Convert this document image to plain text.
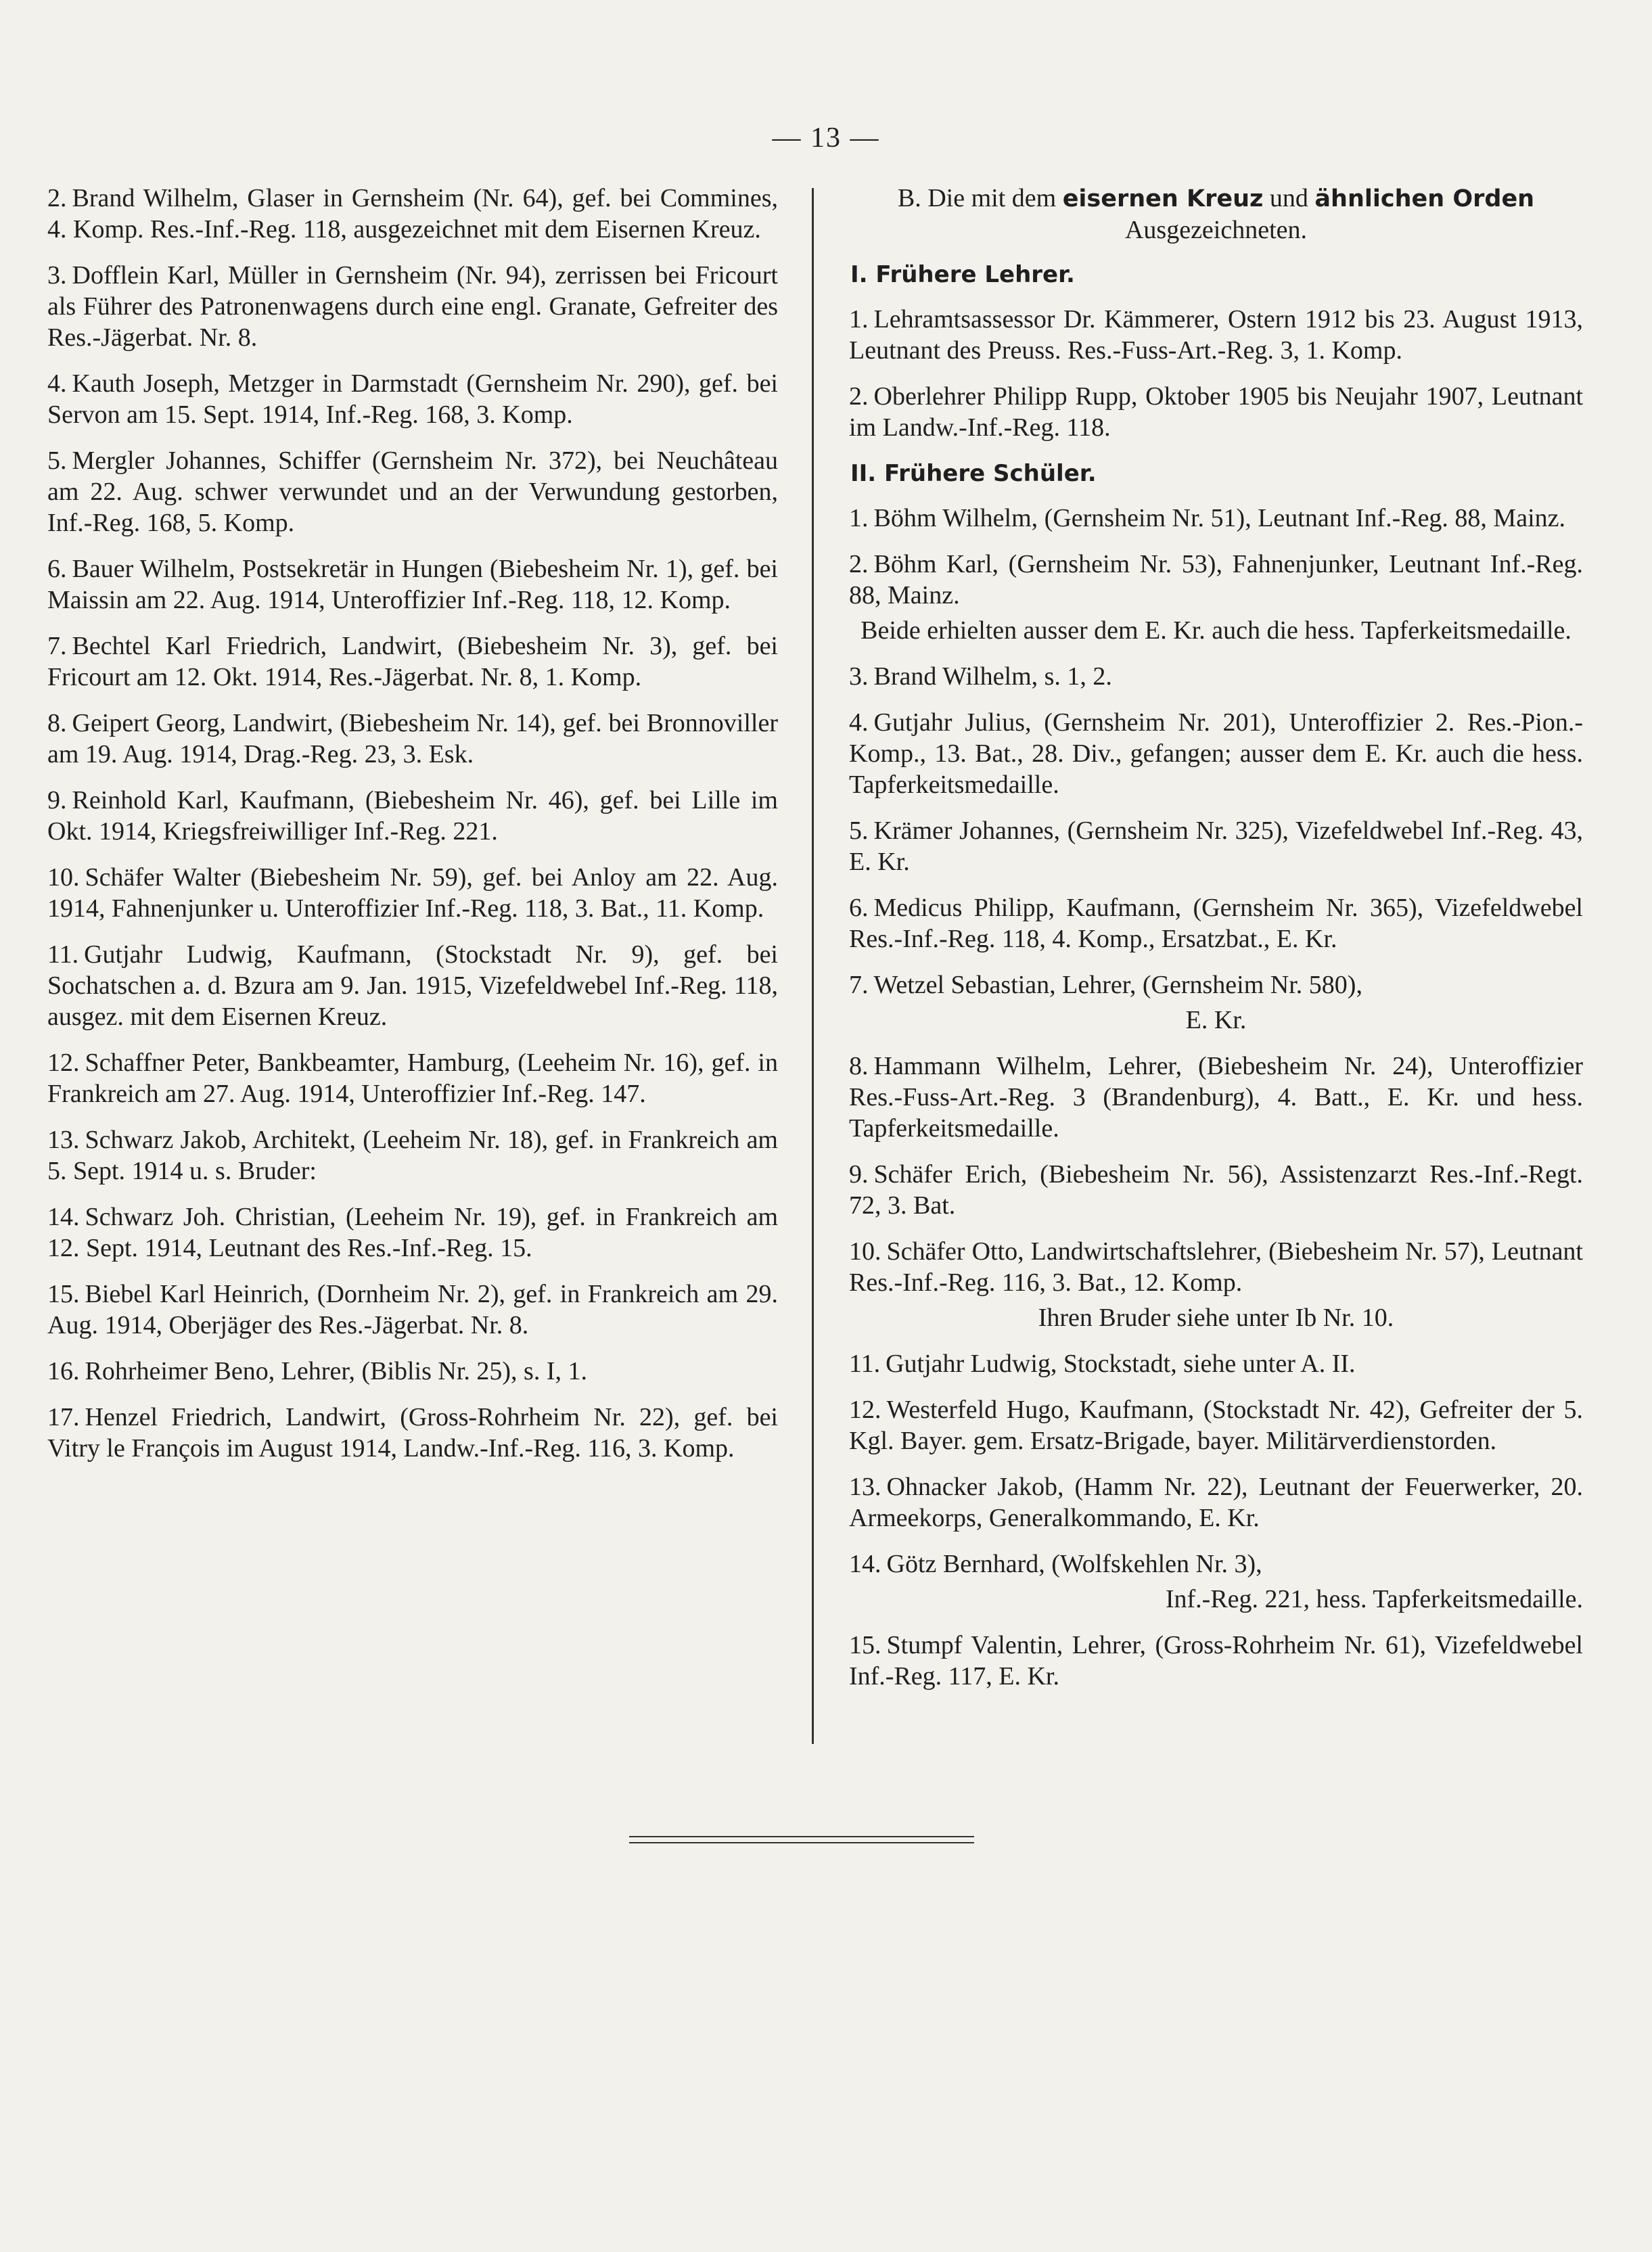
— 13 —

2. Brand Wilhelm, Glaser in Gernsheim (Nr. 64), gef. bei Commines, 4. Komp. Res.-Inf.-Reg. 118, ausgezeichnet mit dem Eisernen Kreuz.

3. Dofflein Karl, Müller in Gernsheim (Nr. 94), zerrissen bei Fricourt als Führer des Patronenwagens durch eine engl. Granate, Gefreiter des Res.-Jägerbat. Nr. 8.

4. Kauth Joseph, Metzger in Darmstadt (Gernsheim Nr. 290), gef. bei Servon am 15. Sept. 1914, Inf.-Reg. 168, 3. Komp.

5. Mergler Johannes, Schiffer (Gernsheim Nr. 372), bei Neuchâteau am 22. Aug. schwer verwundet und an der Verwundung gestorben, Inf.-Reg. 168, 5. Komp.

6. Bauer Wilhelm, Postsekretär in Hungen (Biebesheim Nr. 1), gef. bei Maissin am 22. Aug. 1914, Unteroffizier Inf.-Reg. 118, 12. Komp.

7. Bechtel Karl Friedrich, Landwirt, (Biebesheim Nr. 3), gef. bei Fricourt am 12. Okt. 1914, Res.-Jägerbat. Nr. 8, 1. Komp.

8. Geipert Georg, Landwirt, (Biebesheim Nr. 14), gef. bei Bronnoviller am 19. Aug. 1914, Drag.-Reg. 23, 3. Esk.

9. Reinhold Karl, Kaufmann, (Biebesheim Nr. 46), gef. bei Lille im Okt. 1914, Kriegsfreiwilliger Inf.-Reg. 221.

10. Schäfer Walter (Biebesheim Nr. 59), gef. bei Anloy am 22. Aug. 1914, Fahnenjunker u. Unteroffizier Inf.-Reg. 118, 3. Bat., 11. Komp.

11. Gutjahr Ludwig, Kaufmann, (Stockstadt Nr. 9), gef. bei Sochatschen a. d. Bzura am 9. Jan. 1915, Vizefeldwebel Inf.-Reg. 118, ausgez. mit dem Eisernen Kreuz.

12. Schaffner Peter, Bankbeamter, Hamburg, (Leeheim Nr. 16), gef. in Frankreich am 27. Aug. 1914, Unteroffizier Inf.-Reg. 147.

13. Schwarz Jakob, Architekt, (Leeheim Nr. 18), gef. in Frankreich am 5. Sept. 1914 u. s. Bruder:

14. Schwarz Joh. Christian, (Leeheim Nr. 19), gef. in Frankreich am 12. Sept. 1914, Leutnant des Res.-Inf.-Reg. 15.

15. Biebel Karl Heinrich, (Dornheim Nr. 2), gef. in Frankreich am 29. Aug. 1914, Oberjäger des Res.-Jägerbat. Nr. 8.

16. Rohrheimer Beno, Lehrer, (Biblis Nr. 25), s. I, 1.

17. Henzel Friedrich, Landwirt, (Gross-Rohrheim Nr. 22), gef. bei Vitry le François im August 1914, Landw.-Inf.-Reg. 116, 3. Komp.

B. Die mit dem eisernen Kreuz und ähnlichen Orden
Ausgezeichneten.

I. Frühere Lehrer.

1. Lehramtsassessor Dr. Kämmerer, Ostern 1912 bis 23. August 1913, Leutnant des Preuss. Res.-Fuss-Art.-Reg. 3, 1. Komp.

2. Oberlehrer Philipp Rupp, Oktober 1905 bis Neujahr 1907, Leutnant im Landw.-Inf.-Reg. 118.

II. Frühere Schüler.

1. Böhm Wilhelm, (Gernsheim Nr. 51), Leutnant Inf.-Reg. 88, Mainz.

2. Böhm Karl, (Gernsheim Nr. 53), Fahnenjunker, Leutnant Inf.-Reg. 88, Mainz.

Beide erhielten ausser dem E. Kr. auch die hess. Tapferkeitsmedaille.

3. Brand Wilhelm, s. 1, 2.

4. Gutjahr Julius, (Gernsheim Nr. 201), Unteroffizier 2. Res.-Pion.-Komp., 13. Bat., 28. Div., gefangen; ausser dem E. Kr. auch die hess. Tapferkeitsmedaille.

5. Krämer Johannes, (Gernsheim Nr. 325), Vizefeldwebel Inf.-Reg. 43, E. Kr.

6. Medicus Philipp, Kaufmann, (Gernsheim Nr. 365), Vizefeldwebel Res.-Inf.-Reg. 118, 4. Komp., Ersatzbat., E. Kr.

7. Wetzel Sebastian, Lehrer, (Gernsheim Nr. 580),

E. Kr.

8. Hammann Wilhelm, Lehrer, (Biebesheim Nr. 24), Unteroffizier Res.-Fuss-Art.-Reg. 3 (Brandenburg), 4. Batt., E. Kr. und hess. Tapferkeitsmedaille.

9. Schäfer Erich, (Biebesheim Nr. 56), Assistenzarzt Res.-Inf.-Regt. 72, 3. Bat.

10. Schäfer Otto, Landwirtschaftslehrer, (Biebesheim Nr. 57), Leutnant Res.-Inf.-Reg. 116, 3. Bat., 12. Komp.

Ihren Bruder siehe unter Ib Nr. 10.

11. Gutjahr Ludwig, Stockstadt, siehe unter A. II.

12. Westerfeld Hugo, Kaufmann, (Stockstadt Nr. 42), Gefreiter der 5. Kgl. Bayer. gem. Ersatz-Brigade, bayer. Militärverdienstorden.

13. Ohnacker Jakob, (Hamm Nr. 22), Leutnant der Feuerwerker, 20. Armeekorps, Generalkommando, E. Kr.

14. Götz Bernhard, (Wolfskehlen Nr. 3),

Inf.-Reg. 221, hess. Tapferkeitsmedaille.

15. Stumpf Valentin, Lehrer, (Gross-Rohrheim Nr. 61), Vizefeldwebel Inf.-Reg. 117, E. Kr.
